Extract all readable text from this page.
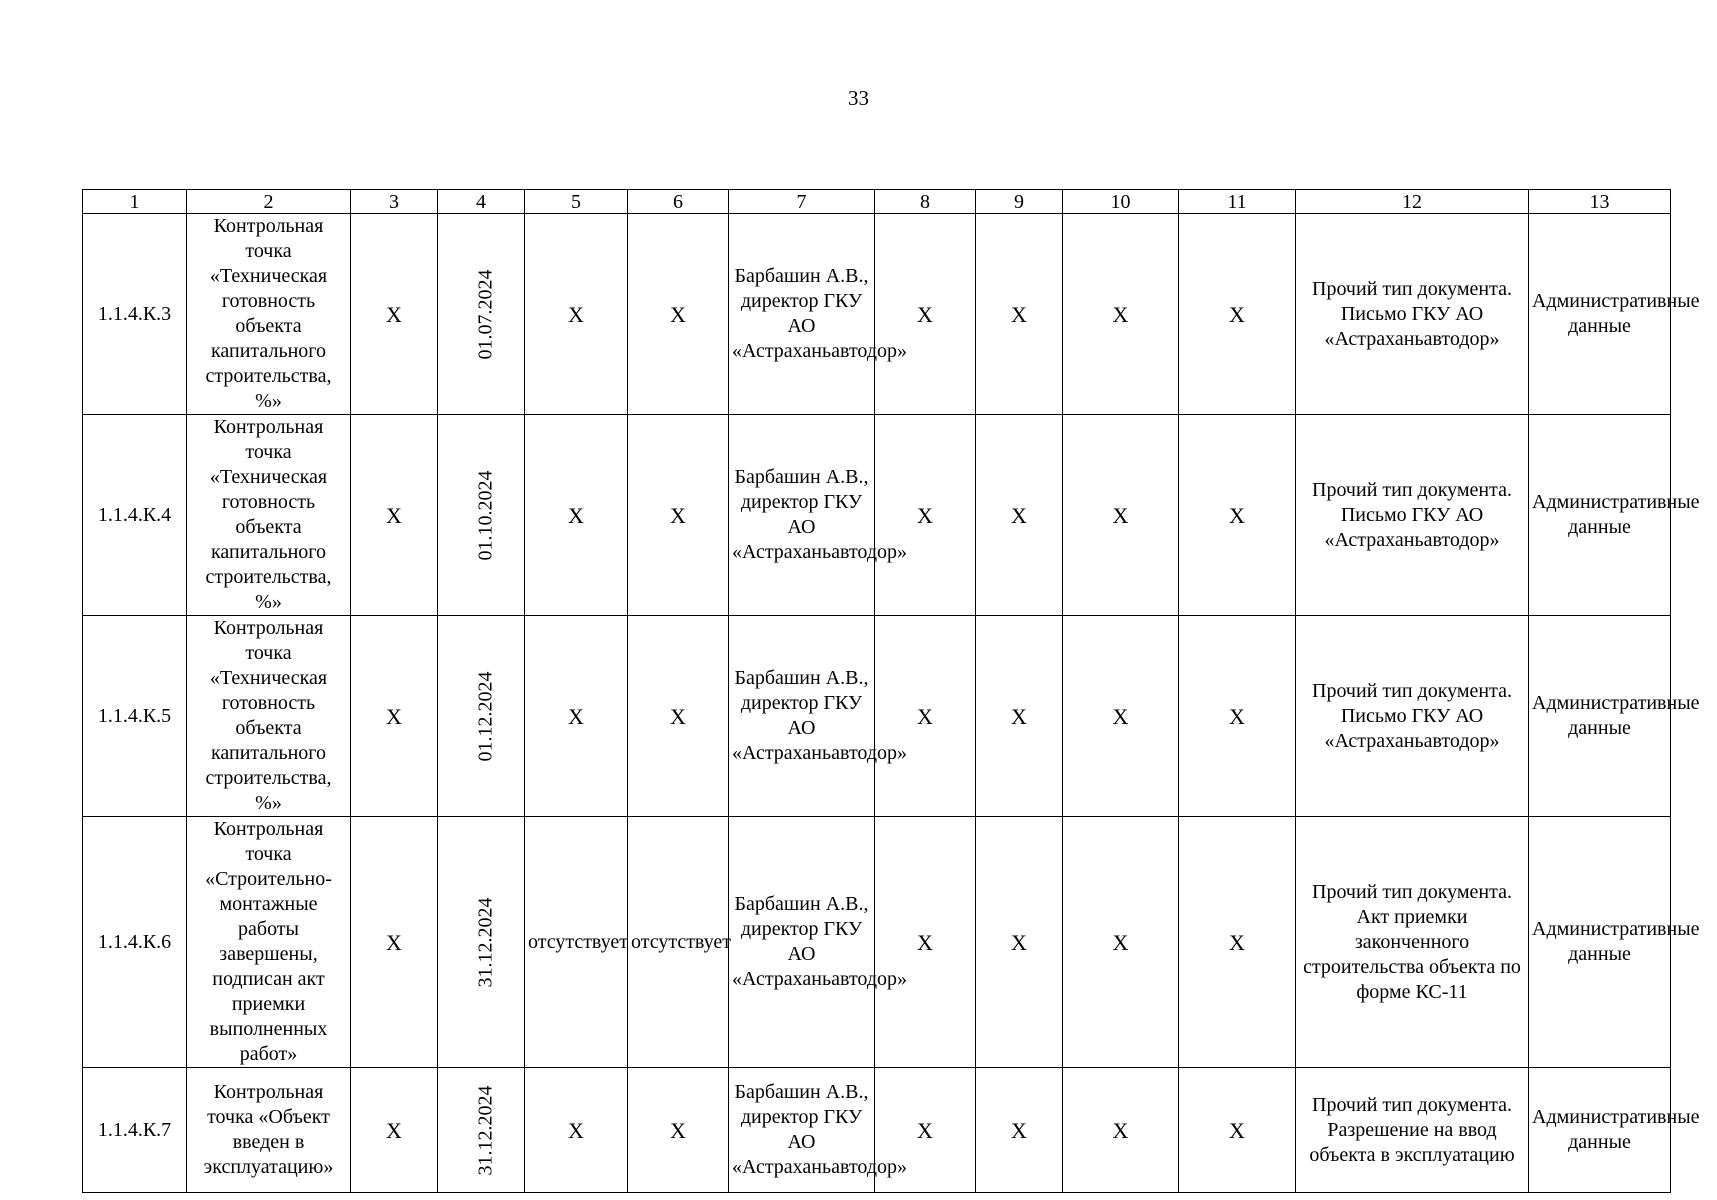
33
1	2	3	4	5	6	7	8	9	10	11	12	13
1.1.4.К.3	Контрольная точка «Техническая готовность объекта капитального строительства, %»	X	01.07.2024	X	X	Барбашин А.В., директор ГКУ АО «Астраханьавтодор»	X	X	X	X	Прочий тип документа. Письмо ГКУ АО «Астраханьавтодор»	Административные данные
1.1.4.К.4	Контрольная точка «Техническая готовность объекта капитального строительства, %»	X	01.10.2024	X	X	Барбашин А.В., директор ГКУ АО «Астраханьавтодор»	X	X	X	X	Прочий тип документа. Письмо ГКУ АО «Астраханьавтодор»	Административные данные
1.1.4.К.5	Контрольная точка «Техническая готовность объекта капитального строительства, %»	X	01.12.2024	X	X	Барбашин А.В., директор ГКУ АО «Астраханьавтодор»	X	X	X	X	Прочий тип документа. Письмо ГКУ АО «Астраханьавтодор»	Административные данные
1.1.4.К.6	Контрольная точка «Строительно-монтажные работы завершены, подписан акт приемки выполненных работ»	X	31.12.2024	отсутствует	отсутствует	Барбашин А.В., директор ГКУ АО «Астраханьавтодор»	X	X	X	X	Прочий тип документа. Акт приемки законченного строительства объекта по форме КС-11	Административные данные
1.1.4.К.7	Контрольная точка «Объект введен в эксплуатацию»	X	31.12.2024	X	X	Барбашин А.В., директор ГКУ АО «Астраханьавтодор»	X	X	X	X	Прочий тип документа. Разрешение на ввод объекта в эксплуатацию	Административные данные
